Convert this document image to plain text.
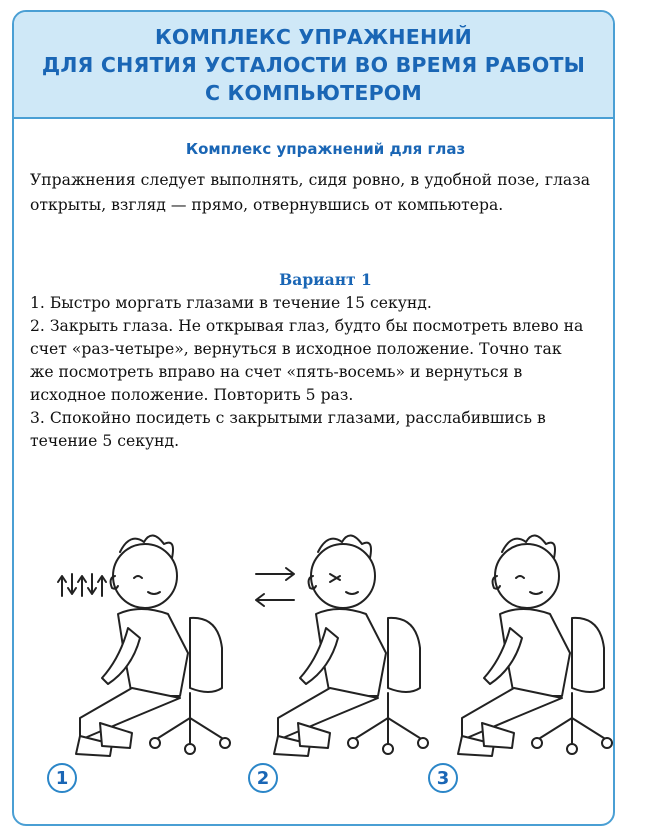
КОМПЛЕКС УПРАЖНЕНИЙ
ДЛЯ СНЯТИЯ УСТАЛОСТИ ВО ВРЕМЯ РАБОТЫ
С КОМПЬЮТЕРОМ
Комплекс упражнений для глаз
Упражнения следует выполнять, сидя ровно, в удобной позе, глаза открыты, взгляд — прямо, отвернувшись от компьютера.
Вариант 1

1. Быстро моргать глазами в течение 15 секунд.

2. Закрыть глаза. Не открывая глаз, будто бы посмотреть влево на счет «раз-четыре», вернуться в исходное положение. Точно так же посмотреть вправо на счет «пять-восемь» и вернуться в исходное положение. Повторить 5 раз.

3. Спокойно посидеть с закрытыми глазами, расслабившись в течение 5 секунд.

1	2	3
